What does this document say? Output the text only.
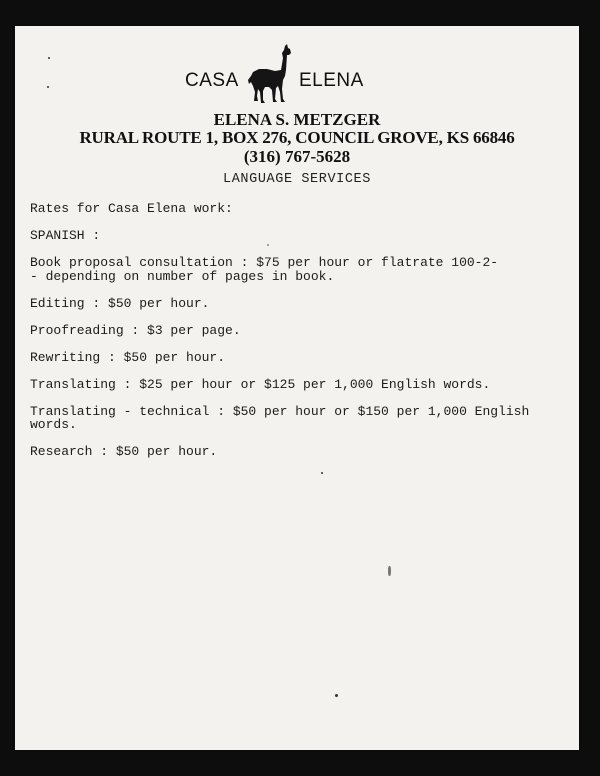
CASA	ELENA
ELENA S. METZGER
RURAL ROUTE 1, BOX 276, COUNCIL GROVE, KS 66846
(316) 767-5628
LANGUAGE SERVICES

Rates for Casa Elena work:

SPANISH :

Book proposal consultation : $75 per hour or flatrate 100-2-
- depending on number of pages in book.

Editing : $50 per hour.

Proofreading : $3 per page.

Rewriting : $50 per hour.

Translating : $25 per hour or $125 per 1,000 English words.

Translating - technical : $50 per hour or $150 per 1,000 English
words.

Research : $50 per hour.
